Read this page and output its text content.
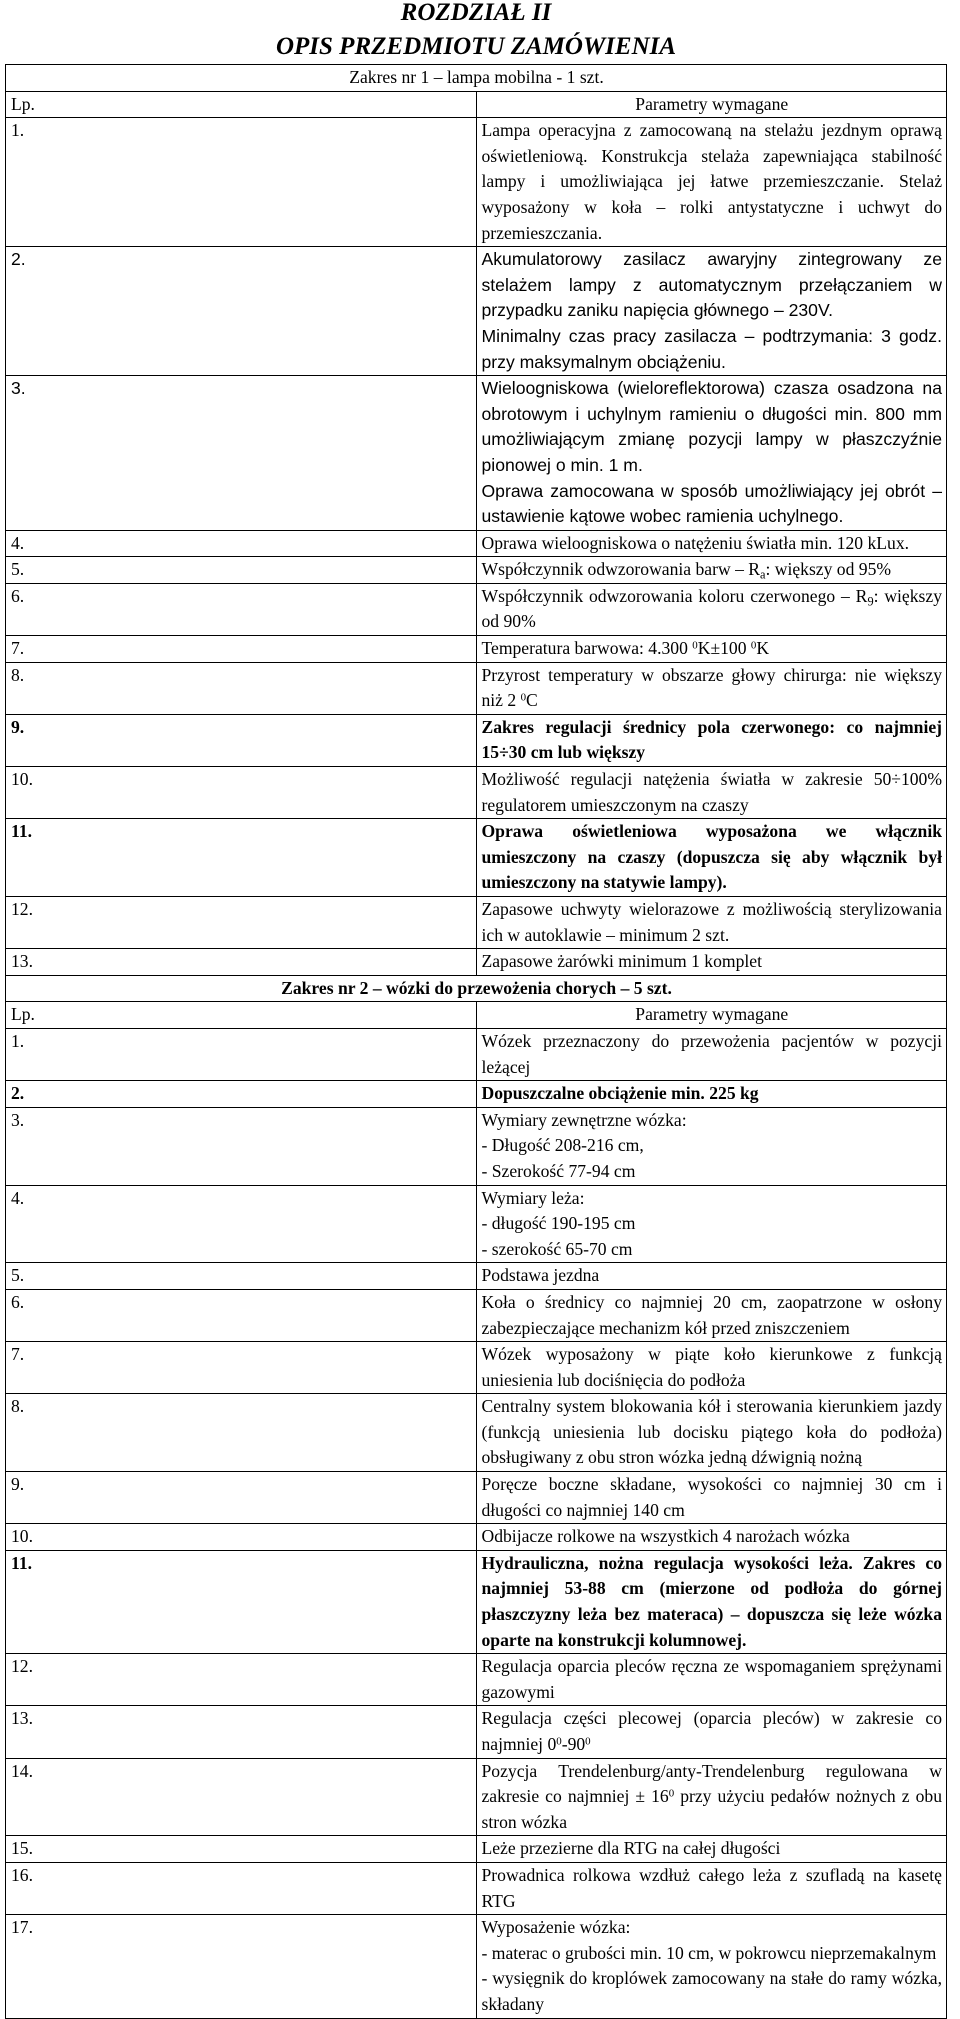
ROZDZIAŁ II
OPIS PRZEDMIOTU ZAMÓWIENIA
Zakres nr 1 – lampa mobilna - 1 szt.	
Lp.	Parametry wymagane
1.	Lampa operacyjna z zamocowaną na stelażu jezdnym oprawą oświetleniową. Konstrukcja stelaża zapewniająca stabilność lampy i umożliwiająca jej łatwe przemieszczanie. Stelaż wyposażony w koła – rolki antystatyczne i uchwyt do przemieszczania.
2.	Akumulatorowy zasilacz awaryjny zintegrowany ze stelażem lampy z automatycznym przełączaniem w przypadku zaniku napięcia głównego – 230V.
Minimalny czas pracy zasilacza – podtrzymania: 3 godz. przy maksymalnym obciążeniu.

3.	Wieloogniskowa (wieloreflektorowa) czasza osadzona na obrotowym i uchylnym ramieniu o długości min. 800 mm umożliwiającym zmianę pozycji lampy w płaszczyźnie pionowej o min. 1 m.
Oprawa zamocowana w sposób umożliwiający jej obrót – ustawienie kątowe wobec ramienia uchylnego.

4.	Oprawa wieloogniskowa o natężeniu światła min. 120 kLux.
5.	Współczynnik odwzorowania barw – $R_a$: większy od 95%
6.	Współczynnik odwzorowania koloru czerwonego – $R_9$: większy od 90%
7.	Temperatura barwowa: 4.300 $^0$K±100 $^0$K
8.	Przyrost temperatury w obszarze głowy chirurga: nie większy niż 2 $^0$C
9.	Zakres regulacji średnicy pola czerwonego: co najmniej 15÷30 cm lub większy
10.	Możliwość regulacji natężenia światła w zakresie 50÷100% regulatorem umieszczonym na czaszy
11.	Oprawa oświetleniowa wyposażona we włącznik umieszczony na czaszy (dopuszcza się aby włącznik był umieszczony na statywie lampy).
12.	Zapasowe uchwyty wielorazowe z możliwością sterylizowania ich w autoklawie – minimum 2 szt.
13.	Zapasowe żarówki minimum 1 komplet
Zakres nr 2 – wózki do przewożenia chorych – 5 szt.	
Lp.	Parametry wymagane
1.	Wózek przeznaczony do przewożenia pacjentów w pozycji leżącej
2.	Dopuszczalne obciążenie min. 225 kg
3.	Wymiary zewnętrzne wózka:
- Długość 208-216 cm,
- Szerokość 77-94 cm

4.	Wymiary leża:
- długość 190-195 cm
- szerokość 65-70 cm

5.	Podstawa jezdna
6.	Koła o średnicy co najmniej 20 cm, zaopatrzone w osłony zabezpieczające mechanizm kół przed zniszczeniem
7.	Wózek wyposażony w piąte koło kierunkowe z funkcją uniesienia lub dociśnięcia do podłoża
8.	Centralny system blokowania kół i sterowania kierunkiem jazdy (funkcją uniesienia lub docisku piątego koła do podłoża) obsługiwany z obu stron wózka jedną dźwignią nożną
9.	Poręcze boczne składane, wysokości co najmniej 30 cm i długości co najmniej 140 cm
10.	Odbijacze rolkowe na wszystkich 4 narożach wózka
11.	Hydrauliczna, nożna regulacja wysokości leża. Zakres co najmniej 53-88 cm (mierzone od podłoża do górnej płaszczyzny leża bez materaca) – dopuszcza się leże wózka oparte na konstrukcji kolumnowej.
12.	Regulacja oparcia pleców ręczna ze wspomaganiem sprężynami gazowymi
13.	Regulacja części plecowej (oparcia pleców) w zakresie co najmniej $0^0-90^0$
14.	Pozycja Trendelenburg/anty-Trendelenburg regulowana w zakresie co najmniej ± $16^0$ przy użyciu pedałów nożnych z obu stron wózka
15.	Leże przezierne dla RTG na całej długości
16.	Prowadnica rolkowa wzdłuż całego leża z szufladą na kasetę RTG
17.	Wyposażenie wózka:
- materac o grubości min. 10 cm, w pokrowcu nieprzemakalnym
- wysięgnik do kroplówek zamocowany na stałe do ramy wózka, składany
